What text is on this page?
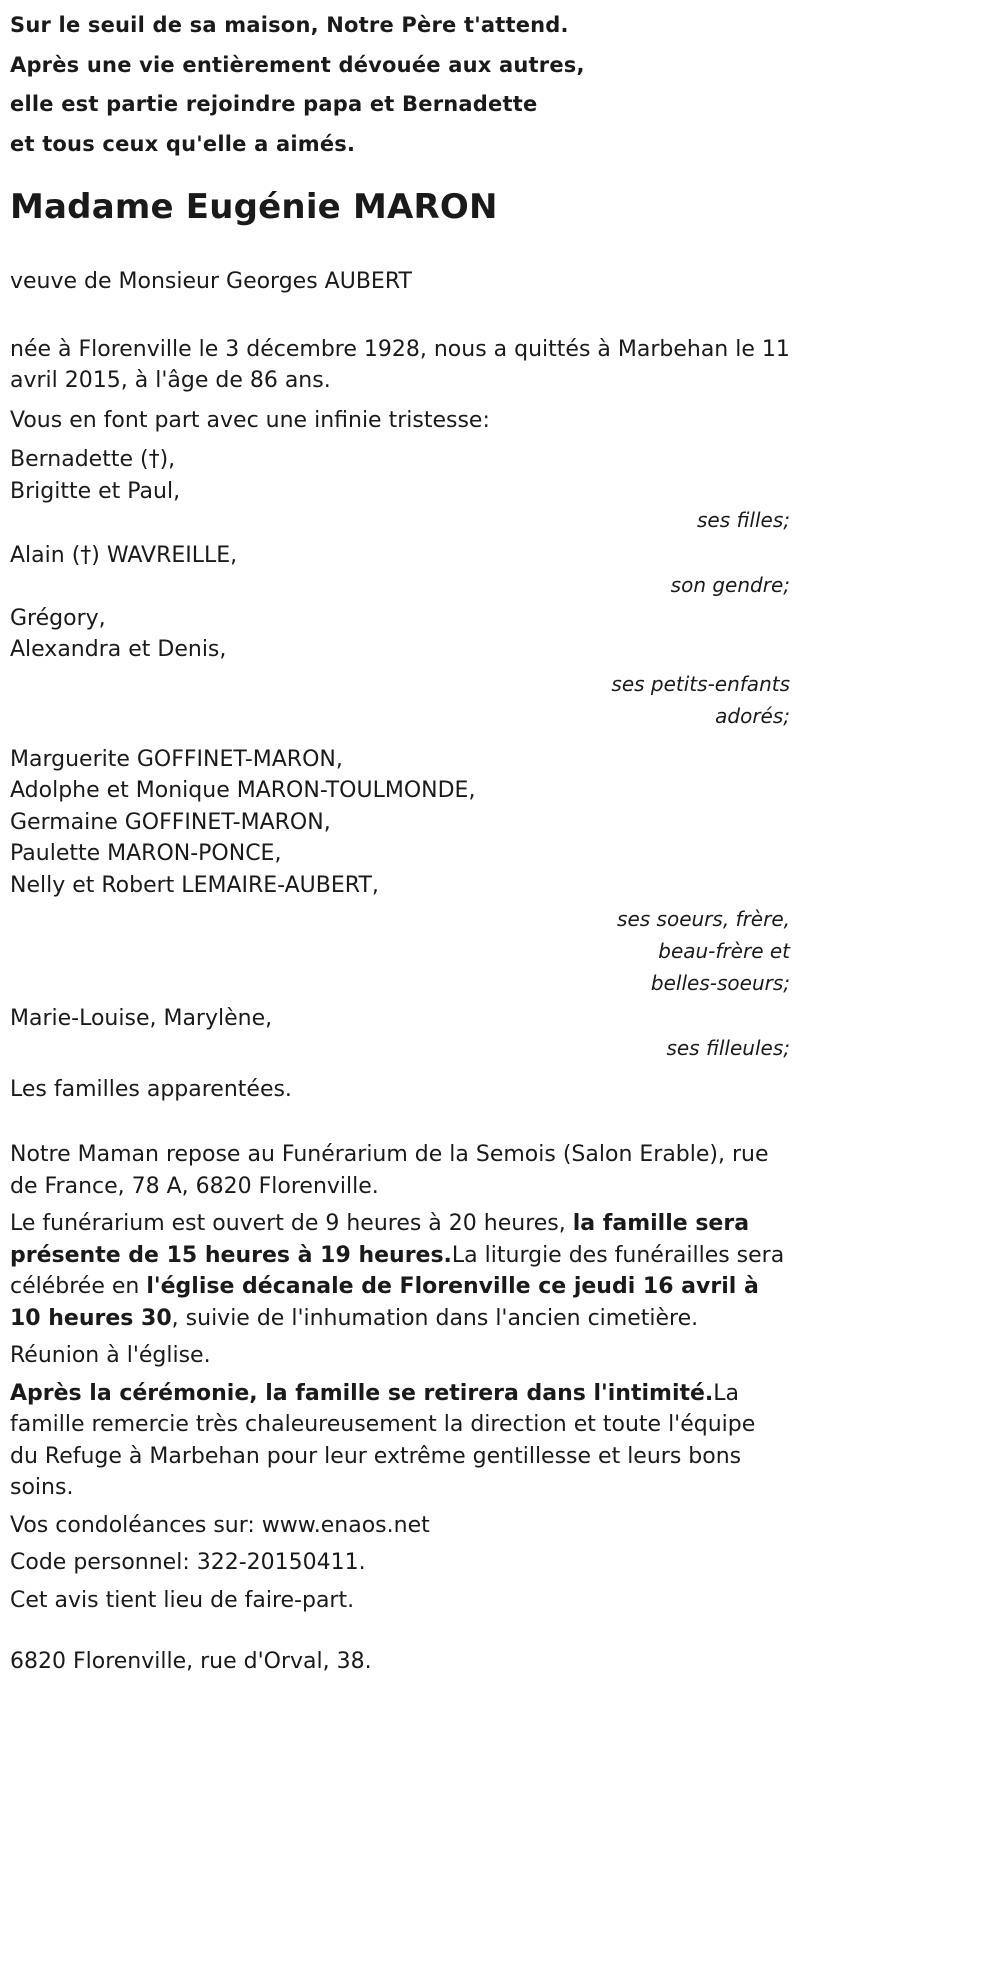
Sur le seuil de sa maison, Notre Père t'attend.
Après une vie entièrement dévouée aux autres,
elle est partie rejoindre papa et Bernadette
et tous ceux qu'elle a aimés.
Madame Eugénie MARON

veuve de Monsieur Georges AUBERT

née à Florenville le 3 décembre 1928, nous a quittés à Marbehan le 11 avril 2015, à l'âge de 86 ans.

Vous en font part avec une infinie tristesse:

Bernadette (†),
Brigitte et Paul,
ses filles;
Alain (†) WAVREILLE,
son gendre;
Grégory,
Alexandra et Denis,
ses petits-enfants
adorés;
Marguerite GOFFINET-MARON,
Adolphe et Monique MARON-TOULMONDE,
Germaine GOFFINET-MARON,
Paulette MARON-PONCE,
Nelly et Robert LEMAIRE-AUBERT,
ses soeurs, frère,
beau-frère et
belles-soeurs;
Marie-Louise, Marylène,
ses filleules;

Les familles apparentées.

Notre Maman repose au Funérarium de la Semois (Salon Erable), rue de France, 78 A, 6820 Florenville.

Le funérarium est ouvert de 9 heures à 20 heures, la famille sera présente de 15 heures à 19 heures.La liturgie des funérailles sera célébrée en l'église décanale de Florenville ce jeudi 16 avril à 10 heures 30, suivie de l'inhumation dans l'ancien cimetière.

Réunion à l'église.

Après la cérémonie, la famille se retirera dans l'intimité.La famille remercie très chaleureusement la direction et toute l'équipe du Refuge à Marbehan pour leur extrême gentillesse et leurs bons soins.

Vos condoléances sur: www.enaos.net

Code personnel: 322-20150411.

Cet avis tient lieu de faire-part.

6820 Florenville, rue d'Orval, 38.
